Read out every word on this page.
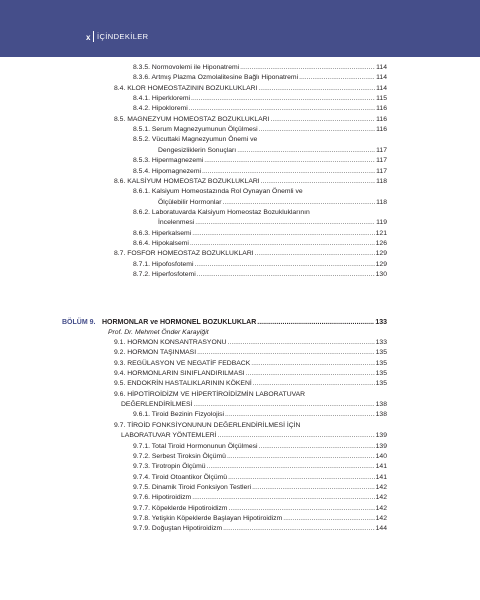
x İÇİNDEKİLER
8.3.5. Normovolemi ile Hiponatremi .....	114
8.3.6. Artmış Plazma Ozmolalitesine Bağlı Hiponatremi .....	114
8.4. KLOR HOMEOSTAZININ BOZUKLUKLARI .....	114
8.4.1. Hiperkloremi .....	115
8.4.2. Hipokloremi .....	116
8.5. MAGNEZYUM HOMEOSTAZ BOZUKLUKLARI .....	116
8.5.1. Serum Magnezyumunun Ölçülmesi .....	116
8.5.2. Vücuttaki Magnezyumun Önemi ve
Dengesizliklerin Sonuçları .....	117
8.5.3. Hipermagnezemi .....	117
8.5.4. Hipomagnezemi .....	117
8.6. KALSİYUM HOMEOSTAZ BOZUKLUKLARI .....	118
8.6.1. Kalsiyum Homeostazında Rol Oynayan Önemli ve
Ölçülebilir Hormonlar .....	118
8.6.2. Laboratuvarda Kalsiyum Homeostaz Bozukluklarının
İncelenmesi .....	119
8.6.3. Hiperkalsemi .....	121
8.6.4. Hipokalsemi .....	126
8.7. FOSFOR HOMEOSTAZ BOZUKLUKLARI .....	129
8.7.1. Hipofosfotemi .....	129
8.7.2. Hiperfosfotemi .....	130
BÖLÜM 9. HORMONLAR ve HORMONEL BOZUKLUKLAR .....	133
Prof. Dr. Mehmet Önder Karayiğit
9.1. HORMON KONSANTRASYONU .....	133
9.2. HORMON TAŞINMASI .....	135
9.3. REGÜLASYON VE NEGATİF FEDBACK .....	135
9.4. HORMONLARIN SINIFLANDIRILMASI .....	135
9.5. ENDOKRİN HASTALIKLARININ KÖKENİ .....	135
9.6. HİPOTİROİDİZM VE HİPERTİROİDİZMİN LABORATUVAR
DEĞERLENDİRİLMESİ .....	138
9.6.1. Tiroid Bezinin Fizyolojisi .....	138
9.7. TİROİD FONKSİYONUNUN DEĞERLENDİRİLMESİ İÇİN
LABORATUVAR YÖNTEMLERİ .....	139
9.7.1. Total Tiroid Hormonunun Ölçülmesi .....	139
9.7.2. Serbest Tiroksin Ölçümü .....	140
9.7.3. Tirotropin Ölçümü .....	141
9.7.4. Tiroid Otoantikor Ölçümü .....	141
9.7.5. Dinamik Tiroid Fonksiyon Testleri .....	142
9.7.6. Hipotiroidizm .....	142
9.7.7. Köpeklerde Hipotiroidizm .....	142
9.7.8. Yetişkin Köpeklerde Başlayan Hipotiroidizm .....	142
9.7.9. Doğuştan Hipotiroidizm .....	144
